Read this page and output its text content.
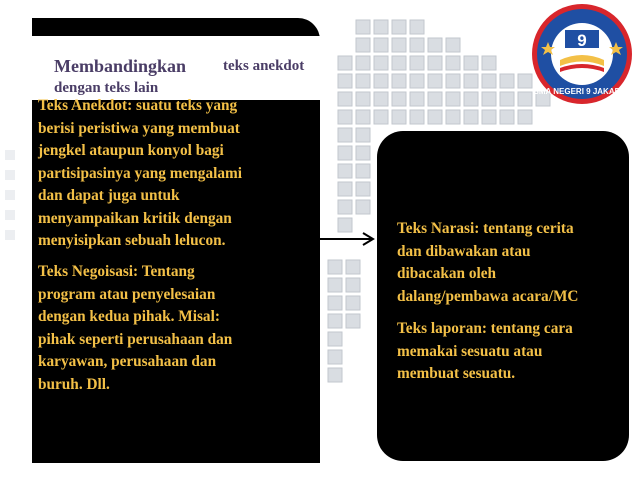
Membandingkan teks anekdot
dengan teks lain
Teks Anekdot: suatu teks yang
berisi peristiwa yang membuat
jengkel ataupun konyol bagi
partisipasinya yang mengalami
dan dapat juga untuk
menyampaikan kritik dengan
menyisipkan sebuah lelucon.
Teks Negoisasi: Tentang
program atau penyelesaian
dengan kedua pihak. Misal:
pihak seperti perusahaan dan
karyawan, perusahaan dan
buruh. Dll.
Teks Narasi: tentang cerita
dan dibawakan atau
dibacakan oleh
dalang/pembawa acara/MC
Teks laporan: tentang cara
memakai sesuatu atau
membuat sesuatu.
9
SMA NEGERI 9 JAKARTA
